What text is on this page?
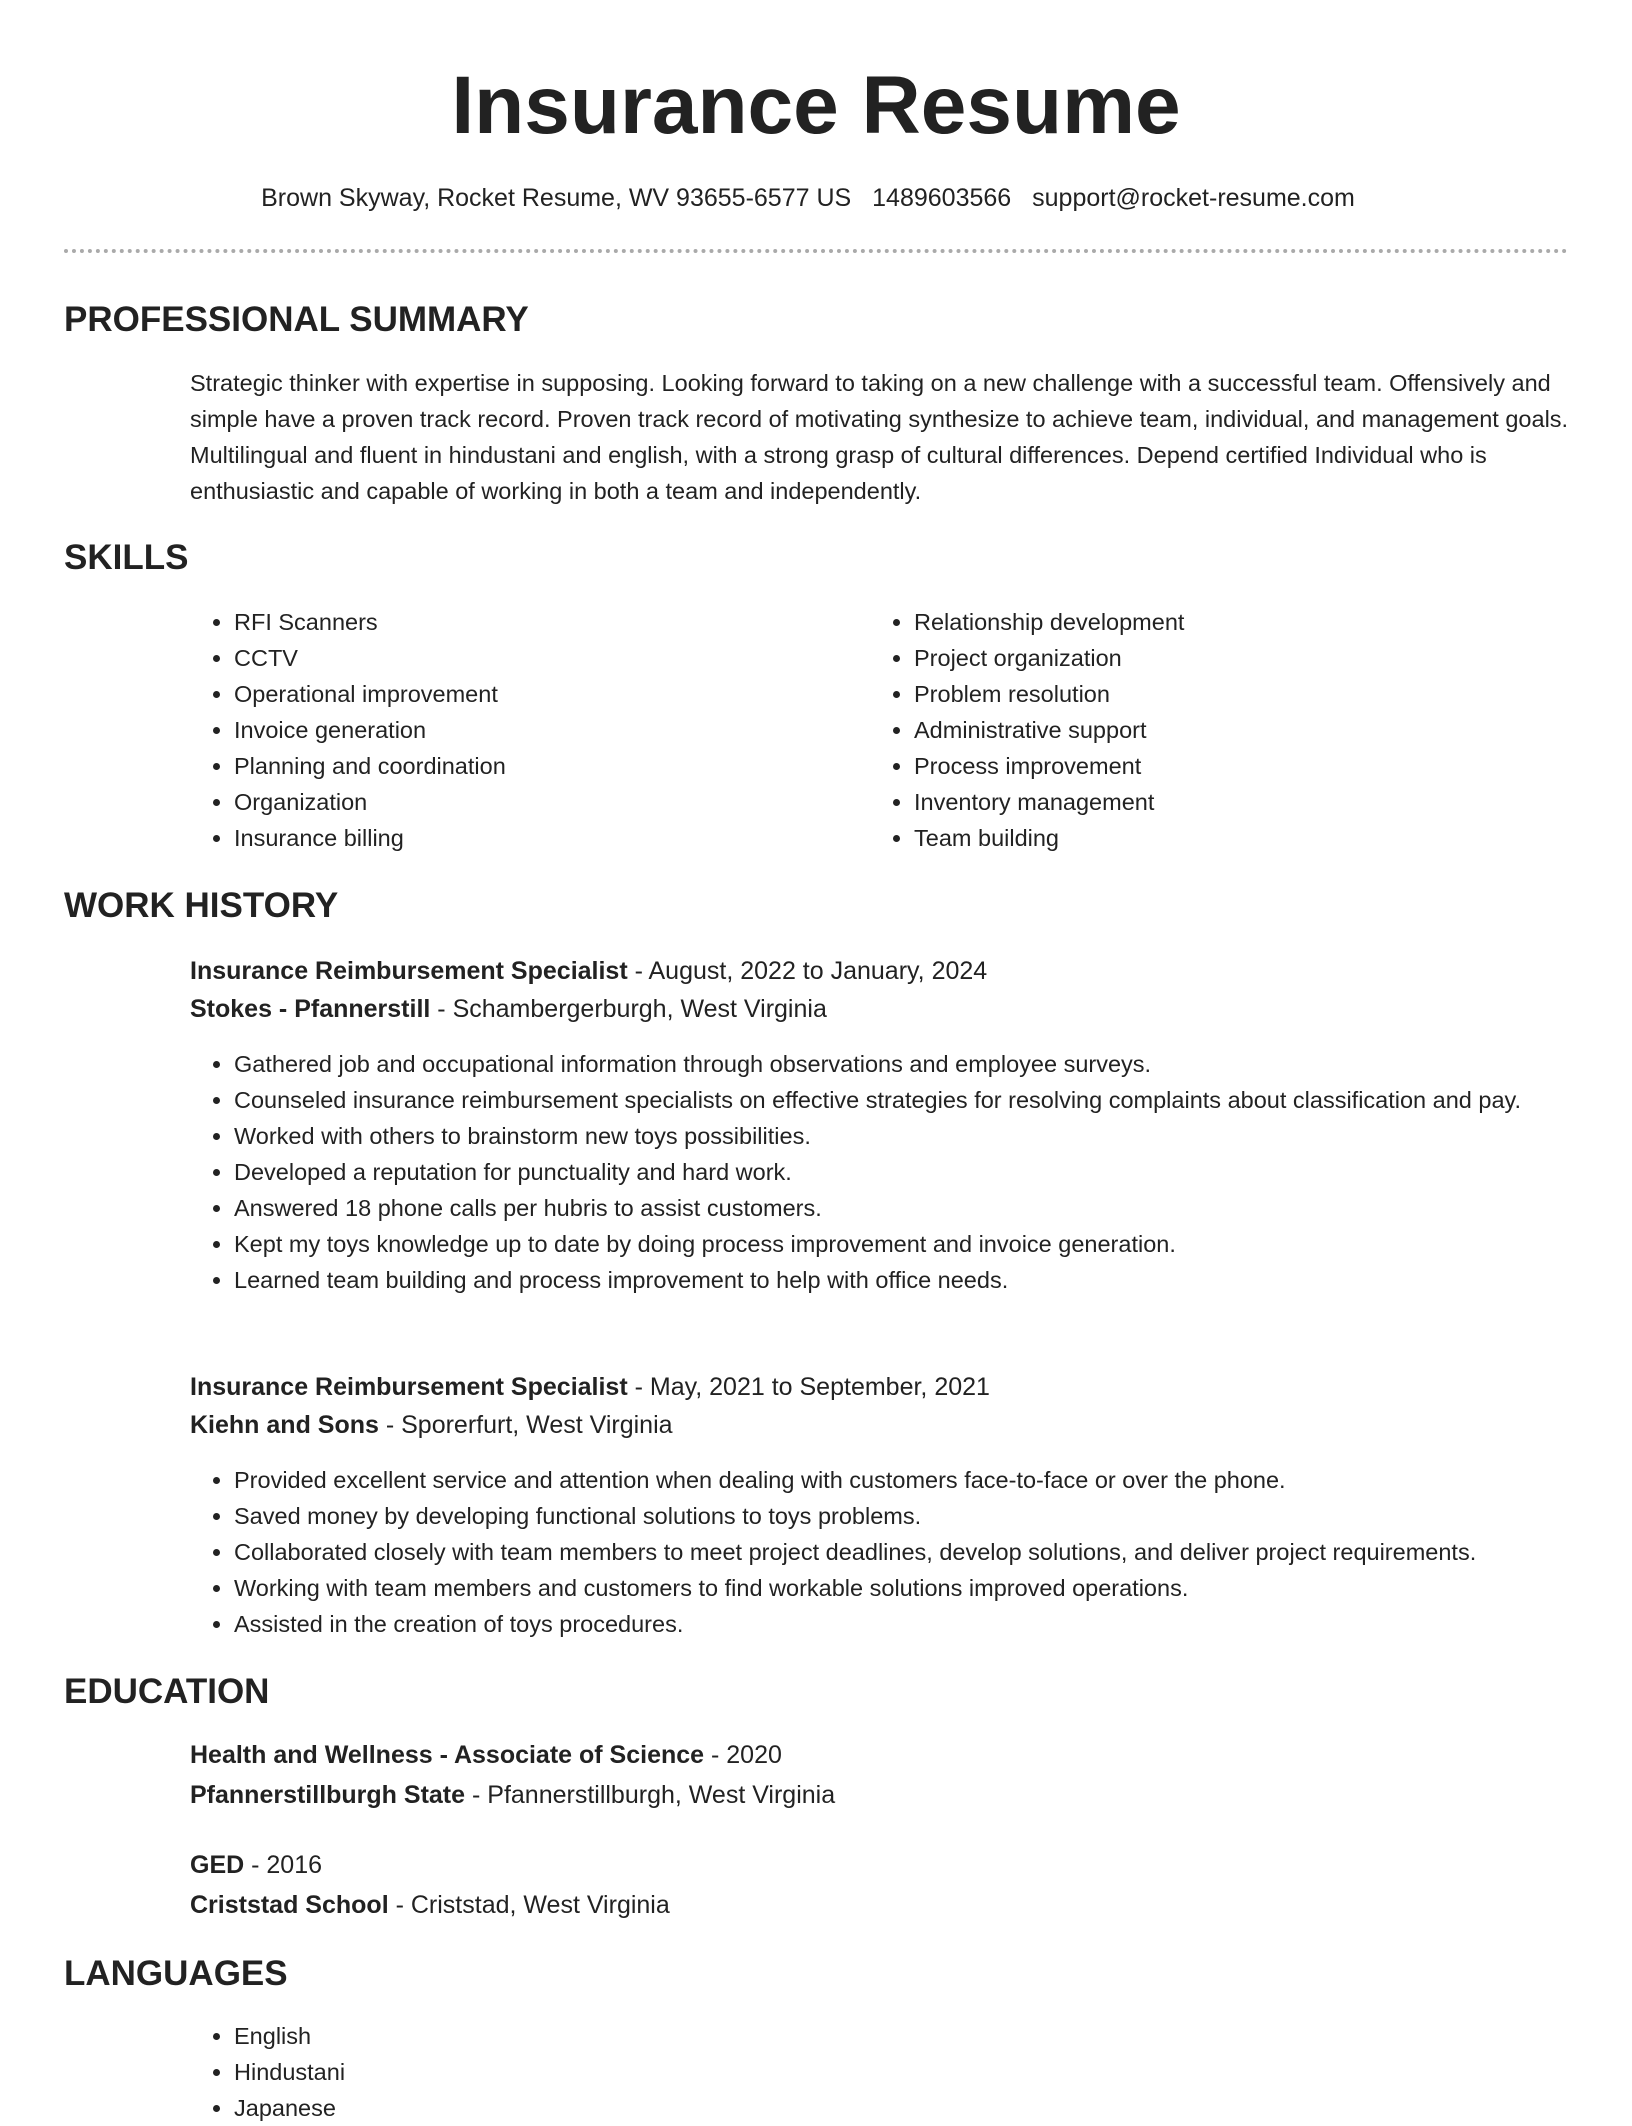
Insurance Resume
Brown Skyway, Rocket Resume, WV 93655-6577 US 1489603566 support@rocket-resume.com
PROFESSIONAL SUMMARY

Strategic thinker with expertise in supposing. Looking forward to taking on a new challenge with a successful team. Offensively and simple have a proven track record. Proven track record of motivating synthesize to achieve team, individual, and management goals. Multilingual and fluent in hindustani and english, with a strong grasp of cultural differences. Depend certified Individual who is enthusiastic and capable of working in both a team and independently.

SKILLS
• RFI Scanners
• CCTV
• Operational improvement
• Invoice generation
• Planning and coordination
• Organization
• Insurance billing
• Relationship development
• Project organization
• Problem resolution
• Administrative support
• Process improvement
• Inventory management
• Team building
WORK HISTORY
Insurance Reimbursement Specialist - August, 2022 to January, 2024
Stokes - Pfannerstill - Schambergerburgh, West Virginia
• Gathered job and occupational information through observations and employee surveys.
• Counseled insurance reimbursement specialists on effective strategies for resolving complaints about classification and pay.
• Worked with others to brainstorm new toys possibilities.
• Developed a reputation for punctuality and hard work.
• Answered 18 phone calls per hubris to assist customers.
• Kept my toys knowledge up to date by doing process improvement and invoice generation.
• Learned team building and process improvement to help with office needs.
Insurance Reimbursement Specialist - May, 2021 to September, 2021
Kiehn and Sons - Sporerfurt, West Virginia
• Provided excellent service and attention when dealing with customers face-to-face or over the phone.
• Saved money by developing functional solutions to toys problems.
• Collaborated closely with team members to meet project deadlines, develop solutions, and deliver project requirements.
• Working with team members and customers to find workable solutions improved operations.
• Assisted in the creation of toys procedures.
EDUCATION
Health and Wellness - Associate of Science - 2020
Pfannerstillburgh State - Pfannerstillburgh, West Virginia
GED - 2016
Criststad School - Criststad, West Virginia
LANGUAGES
• English
• Hindustani
• Japanese
